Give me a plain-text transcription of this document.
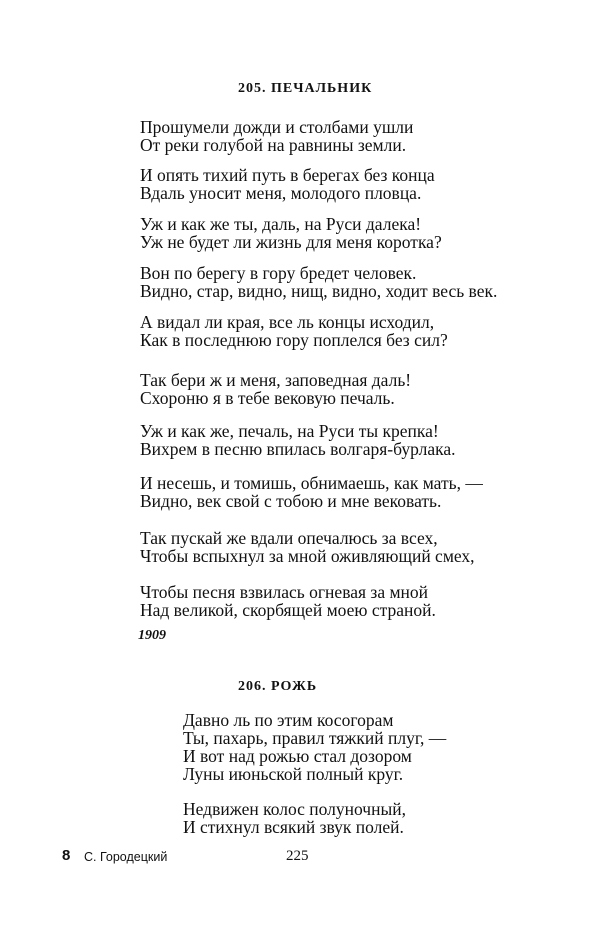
205. ПЕЧАЛЬНИК
Прошумели дожди и столбами ушли
От реки голубой на равнины земли.
И опять тихий путь в берегах без конца
Вдаль уносит меня, молодого пловца.
Уж и как же ты, даль, на Руси далека!
Уж не будет ли жизнь для меня коротка?
Вон по берегу в гору бредет человек.
Видно, стар, видно, нищ, видно, ходит весь век.
А видал ли края, все ль концы исходил,
Как в последнюю гору поплелся без сил?
Так бери ж и меня, заповедная даль!
Схороню я в тебе вековую печаль.
Уж и как же, печаль, на Руси ты крепка!
Вихрем в песню впилась волгаря-бурлака.
И несешь, и томишь, обнимаешь, как мать, —
Видно, век свой с тобою и мне вековать.
Так пускай же вдали опечалюсь за всех,
Чтобы вспыхнул за мной оживляющий смех,
Чтобы песня взвилась огневая за мной
Над великой, скорбящей моею страной.
1909
206. РОЖЬ
Давно ль по этим косогорам
Ты, пахарь, правил тяжкий плуг, —
И вот над рожью стал дозором
Луны июньской полный круг.
Недвижен колос полуночный,
И стихнул всякий звук полей.
8 С. Городецкий	225
